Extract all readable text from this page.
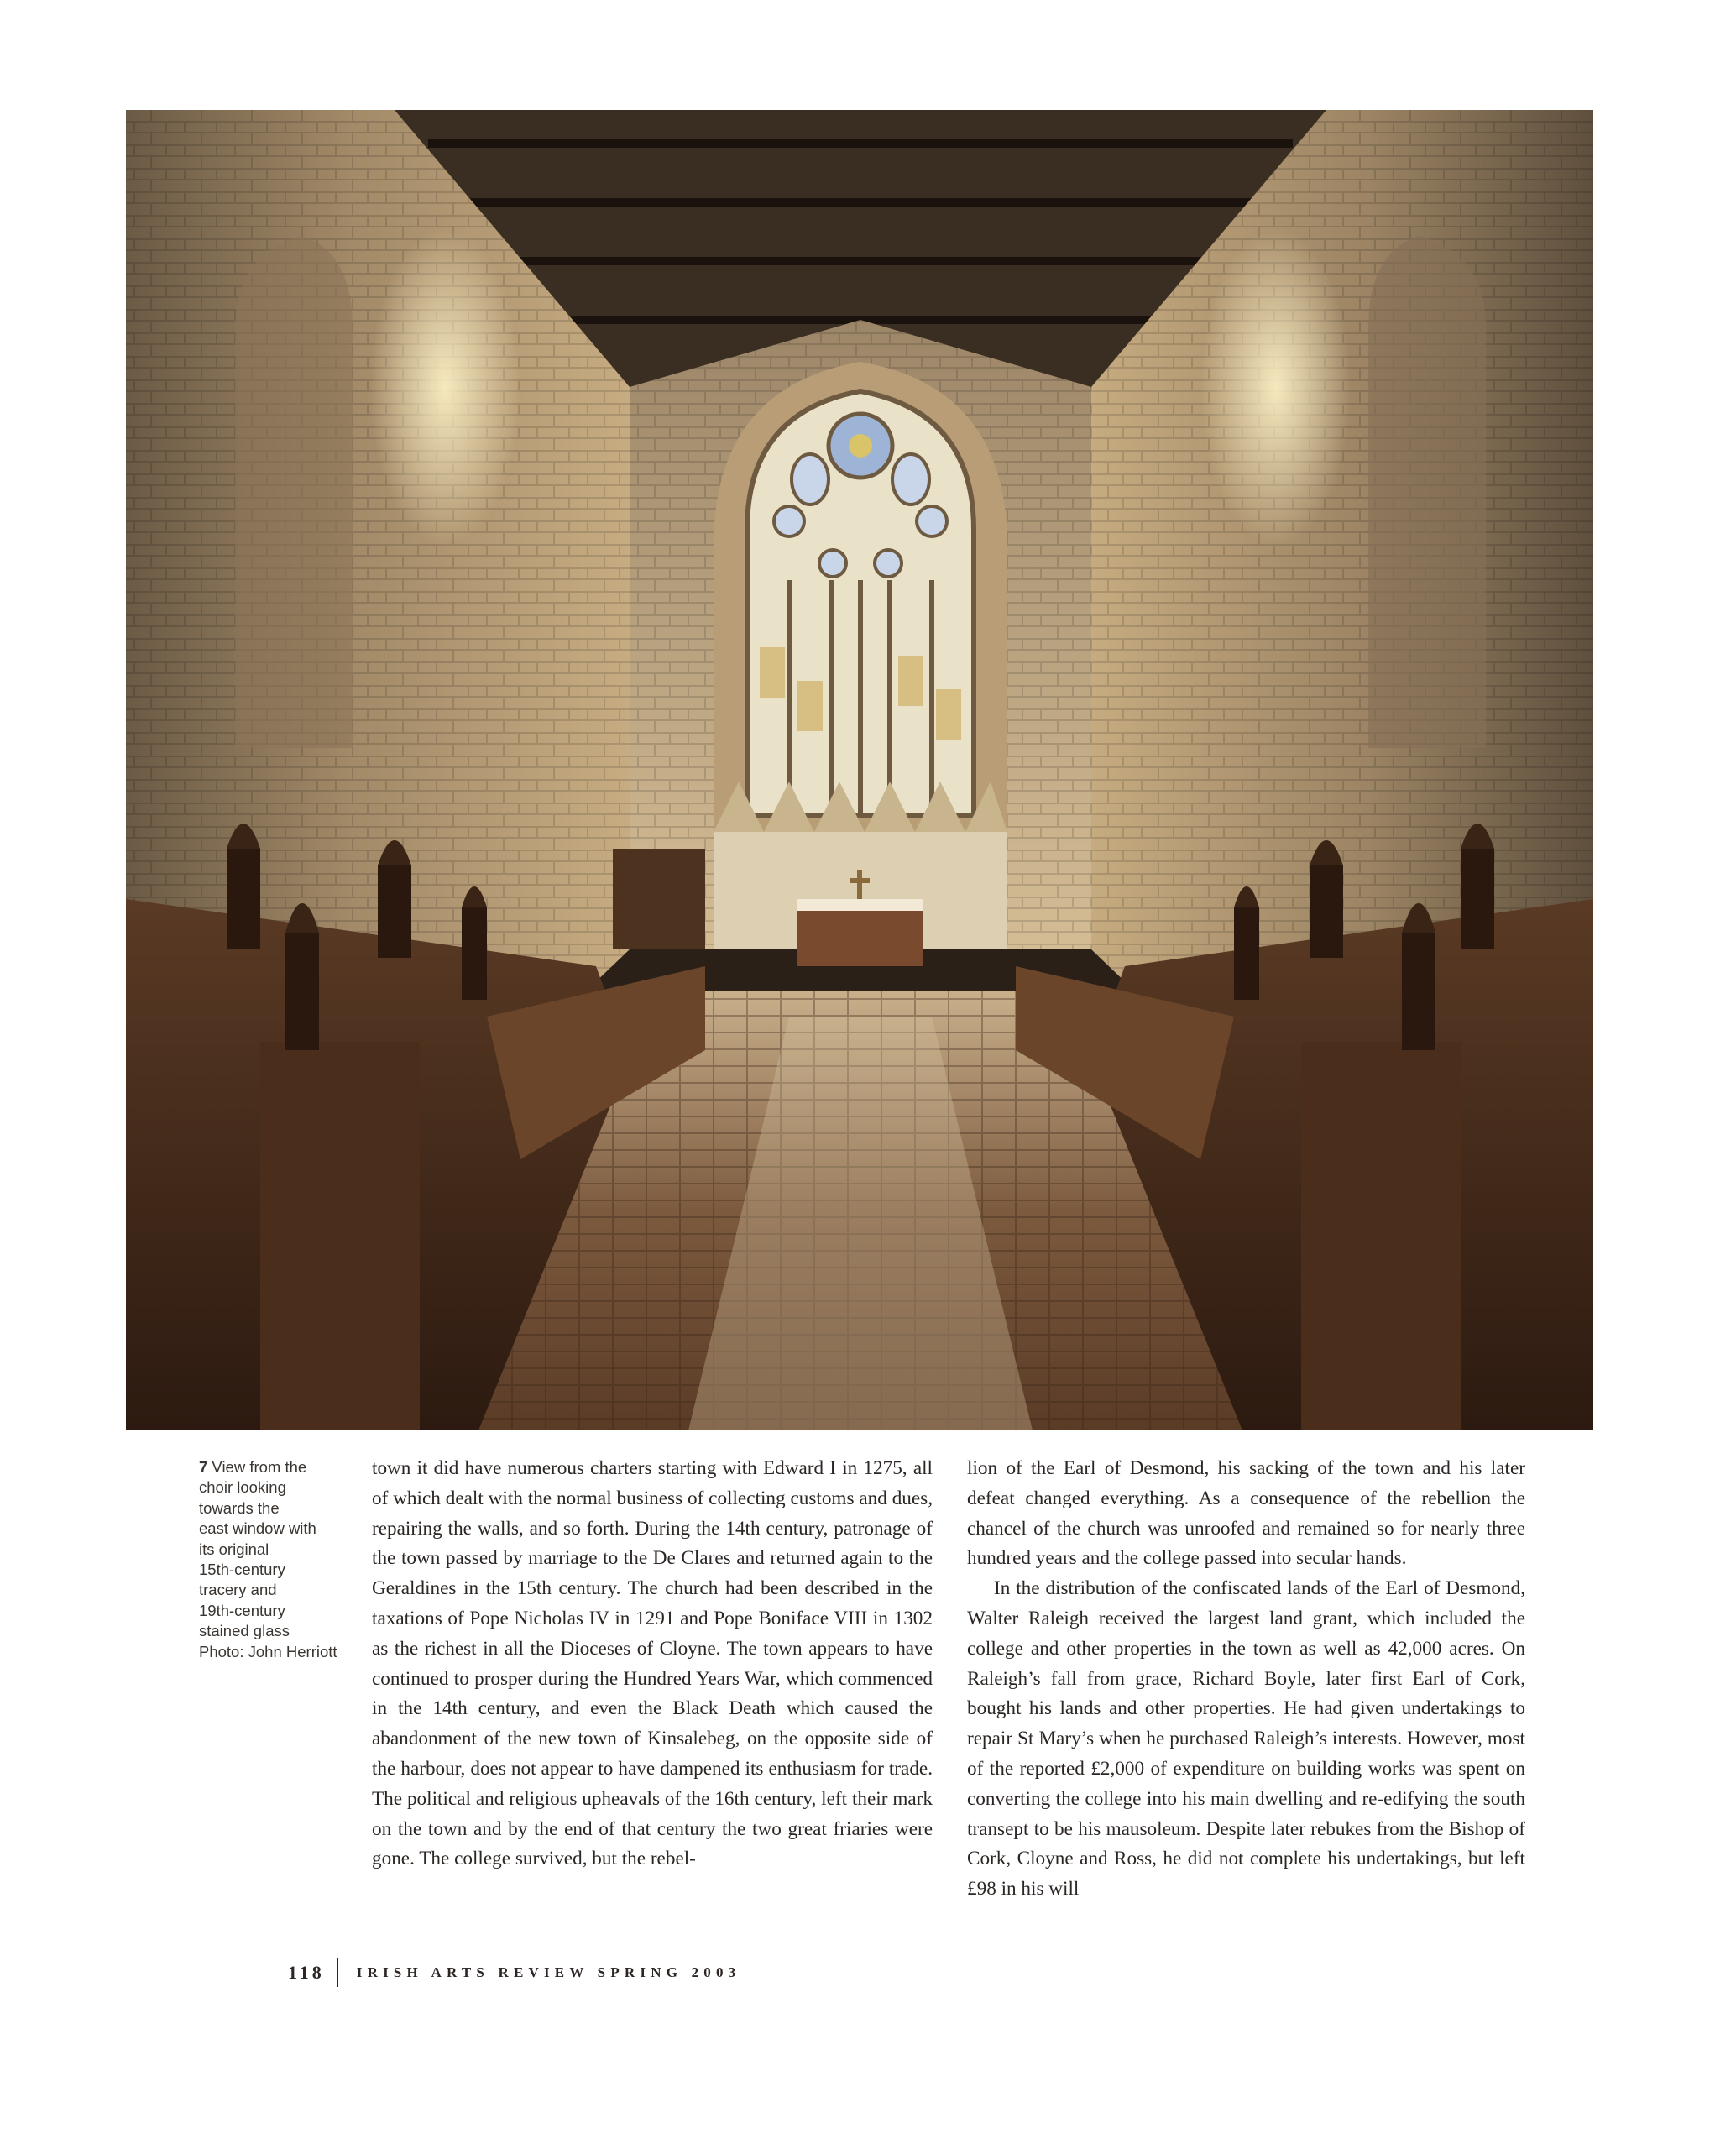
7 View from the
choir looking
towards the
east window with
its original
15th-century
tracery and
19th-century
stained glass
Photo: John Herriott

town it did have numerous charters starting with Edward I in 1275, all of which dealt with the normal business of collecting customs and dues, repairing the walls, and so forth. During the 14th century, patronage of the town passed by marriage to the De Clares and returned again to the Geraldines in the 15th century. The church had been described in the taxations of Pope Nicholas IV in 1291 and Pope Boniface VIII in 1302 as the richest in all the Dioceses of Cloyne. The town appears to have continued to prosper during the Hundred Years War, which commenced in the 14th century, and even the Black Death which caused the abandonment of the new town of Kinsalebeg, on the opposite side of the harbour, does not appear to have dampened its enthusiasm for trade. The political and religious upheavals of the 16th century, left their mark on the town and by the end of that century the two great friaries were gone. The college survived, but the rebel-

lion of the Earl of Desmond, his sacking of the town and his later defeat changed everything. As a consequence of the rebellion the chancel of the church was unroofed and remained so for nearly three hundred years and the college passed into secular hands.

In the distribution of the confiscated lands of the Earl of Desmond, Walter Raleigh received the largest land grant, which included the college and other properties in the town as well as 42,000 acres. On Raleigh’s fall from grace, Richard Boyle, later first Earl of Cork, bought his lands and other properties. He had given undertakings to repair St Mary’s when he purchased Raleigh’s interests. However, most of the reported £2,000 of expenditure on building works was spent on converting the college into his main dwelling and re-edifying the south transept to be his mausoleum. Despite later rebukes from the Bishop of Cork, Cloyne and Ross, he did not complete his undertakings, but left £98 in his will

118 IRISH ARTS REVIEW SPRING 2003
